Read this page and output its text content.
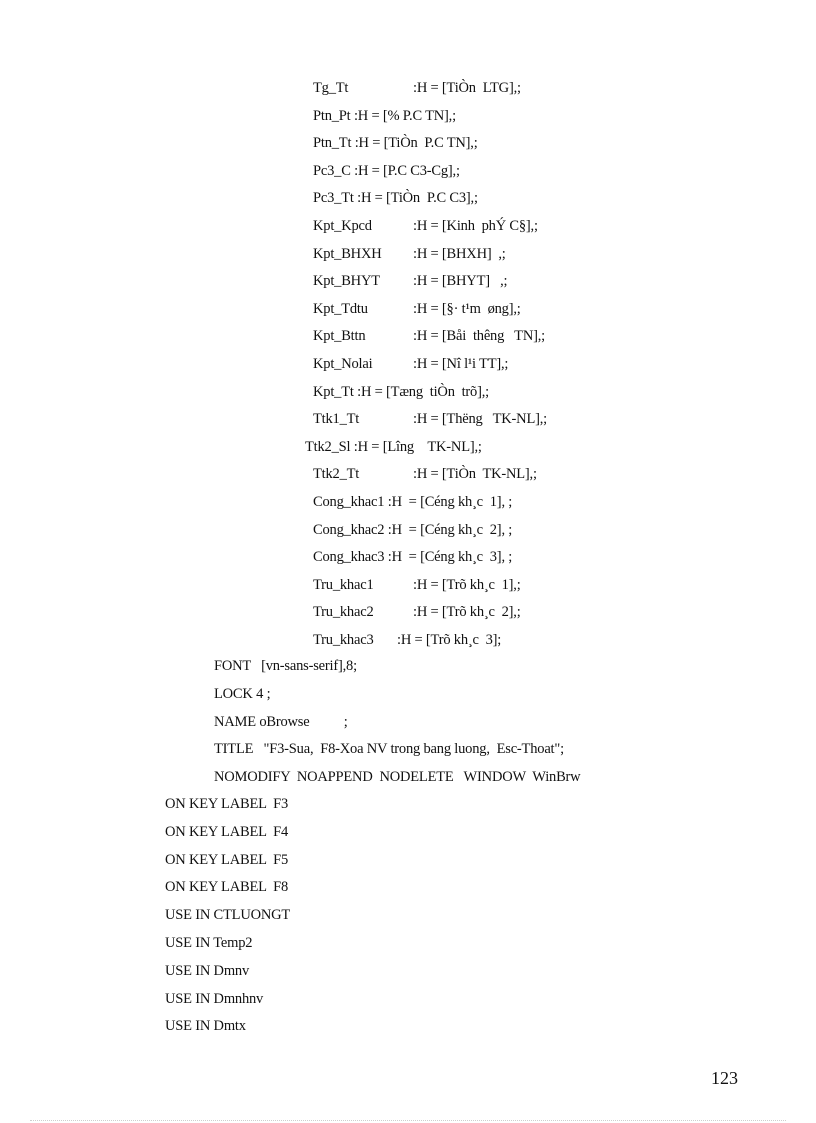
Tg_Tt	:H = [TiÒn  LTG],;
Ptn_Pt :H = [% P.C TN],;
Ptn_Tt :H = [TiÒn  P.C TN],;
Pc3_C :H = [P.C C3-Cg],;
Pc3_Tt :H = [TiÒn  P.C C3],;
Kpt_Kpcd	:H = [Kinh  phÝ C§],;
Kpt_BHXH :H = [BHXH]  ,;
Kpt_BHYT :H = [BHYT]   ,;
Kpt_Tdtu	:H = [§· t¹m  øng],;
Kpt_Bttn	:H = [Båi  thêng   TN],;
Kpt_Nolai	:H = [Nî l¹i TT],;
Kpt_Tt :H = [Tæng  tiÒn  trõ],;
Ttk1_Tt	:H = [Thëng   TK-NL],;
Ttk2_Sl :H = [Lîng    TK-NL],;
Ttk2_Tt	:H = [TiÒn  TK-NL],;
Cong_khac1 :H  = [Céng kh¸c  1], ;
Cong_khac2 :H  = [Céng kh¸c  2], ;
Cong_khac3 :H  = [Céng kh¸c  3], ;
Tru_khac1	:H = [Trõ kh¸c  1],;
Tru_khac2	:H = [Trõ kh¸c  2],;
Tru_khac3 :H = [Trõ kh¸c  3];
FONT   [vn-sans-serif],8;
LOCK 4 ;
NAME oBrowse          ;
TITLE   "F3-Sua,  F8-Xoa NV trong bang luong,  Esc-Thoat";
NOMODIFY  NOAPPEND  NODELETE   WINDOW  WinBrw
ON KEY LABEL  F3
ON KEY LABEL  F4
ON KEY LABEL  F5
ON KEY LABEL  F8
USE IN CTLUONGT
USE IN Temp2
USE IN Dmnv
USE IN Dmnhnv
USE IN Dmtx
123
